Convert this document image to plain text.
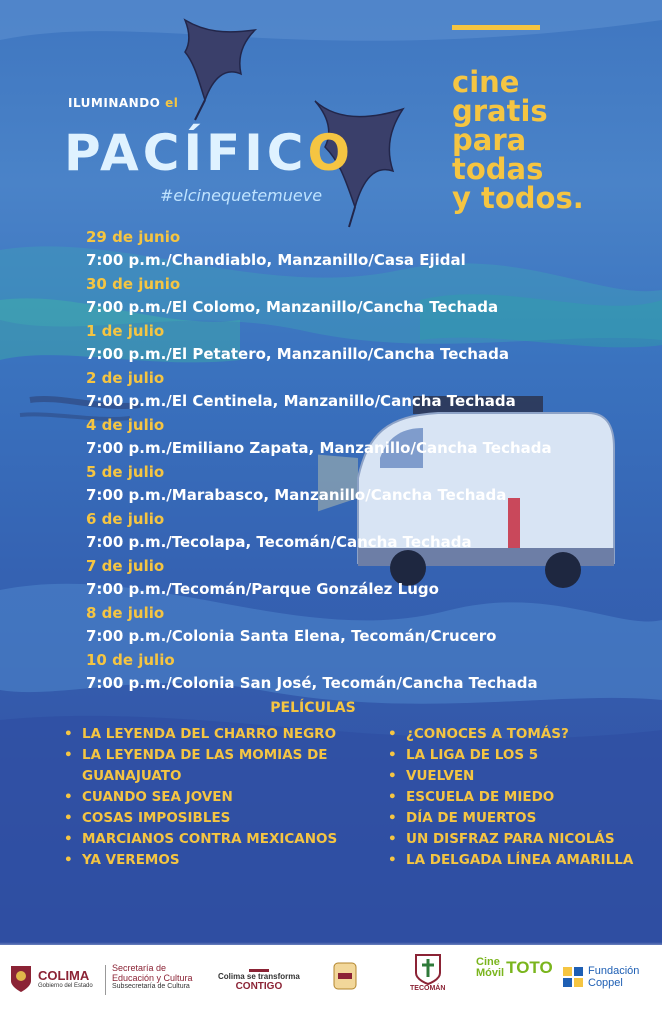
ILUMINANDO el
PACÍFICO
#elcinequetemueve
cine
gratis
para
todas
y todos.
29 de junio
7:00 p.m./Chandiablo, Manzanillo/Casa Ejidal
30 de junio
7:00 p.m./El Colomo, Manzanillo/Cancha Techada
1 de julio
7:00 p.m./El Petatero, Manzanillo/Cancha Techada
2 de julio
7:00 p.m./El Centinela, Manzanillo/Cancha Techada
4 de julio
7:00 p.m./Emiliano Zapata, Manzanillo/Cancha Techada
5 de julio
7:00 p.m./Marabasco, Manzanillo/Cancha Techada
6 de julio
7:00 p.m./Tecolapa, Tecomán/Cancha Techada
7 de julio
7:00 p.m./Tecomán/Parque González Lugo
8 de julio
7:00 p.m./Colonia Santa Elena, Tecomán/Crucero
10 de julio
7:00 p.m./Colonia San José, Tecomán/Cancha Techada
PELÍCULAS
• LA LEYENDA DEL CHARRO NEGRO
• LA LEYENDA DE LAS MOMIAS DE GUANAJUATO
• CUANDO SEA JOVEN
• COSAS IMPOSIBLES
• MARCIANOS CONTRA MEXICANOS
• YA VEREMOS
• ¿CONOCES A TOMÁS?
• LA LIGA DE LOS 5
• VUELVEN
• ESCUELA DE MIEDO
• DÍA DE MUERTOS
• UN DISFRAZ PARA NICOLÁS
• LA DELGADA LÍNEA AMARILLA
COLIMA
Gobierno del Estado
Secretaría de
Educación y Cultura
Subsecretaría de Cultura
Colima se transforma
CONTIGO	TECOMÁN
Cine
Móvil TOTO	Fundación
Coppel
